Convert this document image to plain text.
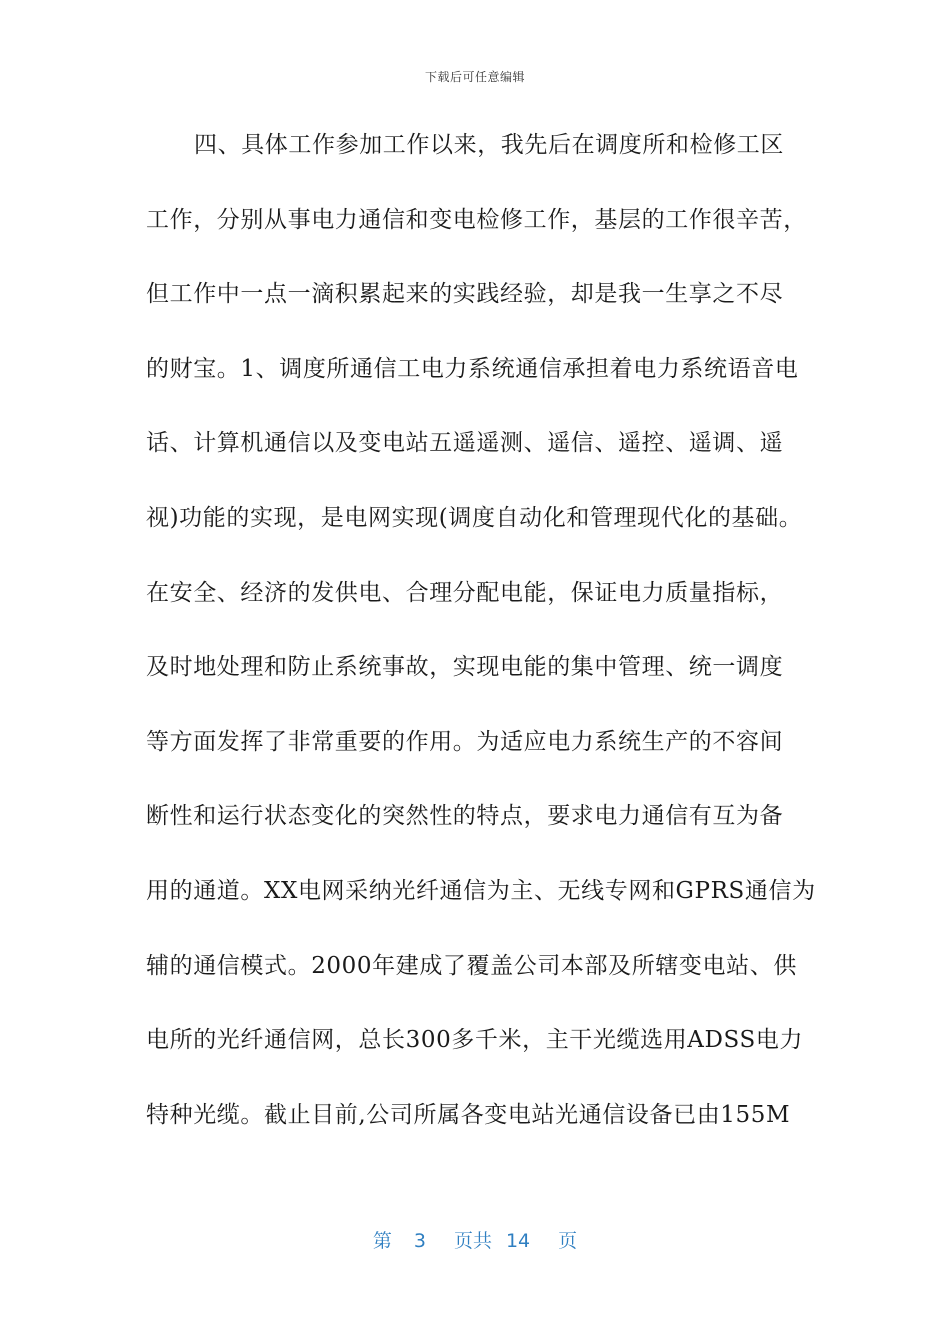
下载后可任意编辑
四、具体工作参加工作以来，我先后在调度所和检修工区
工作，分别从事电力通信和变电检修工作，基层的工作很辛苦，
但工作中一点一滴积累起来的实践经验，却是我一生享之不尽
的财宝。1、调度所通信工电力系统通信承担着电力系统语音电
话、计算机通信以及变电站五遥遥测、遥信、遥控、遥调、遥
视)功能的实现，是电网实现(调度自动化和管理现代化的基础。
在安全、经济的发供电、合理分配电能，保证电力质量指标，
及时地处理和防止系统事故，实现电能的集中管理、统一调度
等方面发挥了非常重要的作用。为适应电力系统生产的不容间
断性和运行状态变化的突然性的特点，要求电力通信有互为备
用的通道。XX电网采纳光纤通信为主、无线专网和GPRS通信为
辅的通信模式。2000年建成了覆盖公司本部及所辖变电站、供
电所的光纤通信网，总长300多千米，主干光缆选用ADSS电力
特种光缆。截止目前,公司所属各变电站光通信设备已由155M
第 3 页共 14 页
